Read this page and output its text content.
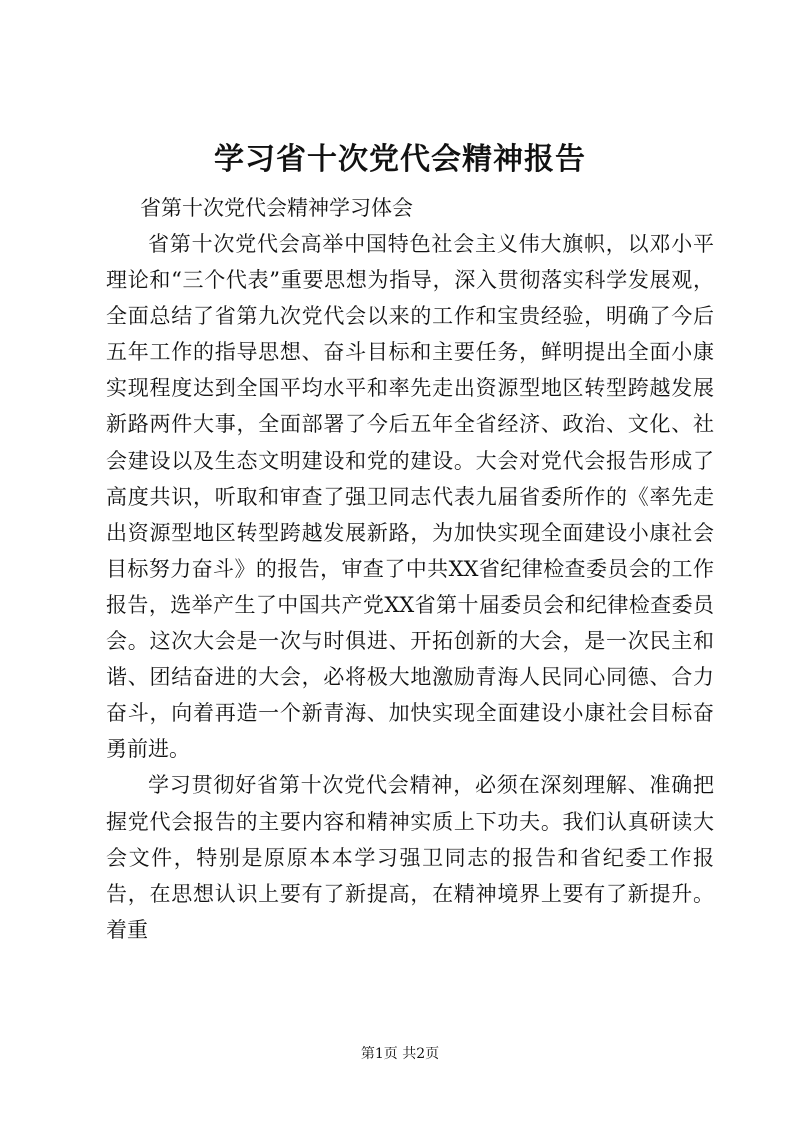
学习省十次党代会精神报告

省第十次党代会精神学习体会

省第十次党代会高举中国特色社会主义伟大旗帜，以邓小平理论和“三个代表”重要思想为指导，深入贯彻落实科学发展观，全面总结了省第九次党代会以来的工作和宝贵经验，明确了今后五年工作的指导思想、奋斗目标和主要任务，鲜明提出全面小康实现程度达到全国平均水平和率先走出资源型地区转型跨越发展新路两件大事，全面部署了今后五年全省经济、政治、文化、社会建设以及生态文明建设和党的建设。大会对党代会报告形成了高度共识，听取和审查了强卫同志代表九届省委所作的《率先走出资源型地区转型跨越发展新路，为加快实现全面建设小康社会目标努力奋斗》的报告，审查了中共XX省纪律检查委员会的工作报告，选举产生了中国共产党XX省第十届委员会和纪律检查委员会。这次大会是一次与时俱进、开拓创新的大会，是一次民主和谐、团结奋进的大会，必将极大地激励青海人民同心同德、合力奋斗，向着再造一个新青海、加快实现全面建设小康社会目标奋勇前进。

学习贯彻好省第十次党代会精神，必须在深刻理解、准确把握党代会报告的主要内容和精神实质上下功夫。我们认真研读大会文件，特别是原原本本学习强卫同志的报告和省纪委工作报告，在思想认识上要有了新提高，在精神境界上要有了新提升。着重

第1页 共2页
